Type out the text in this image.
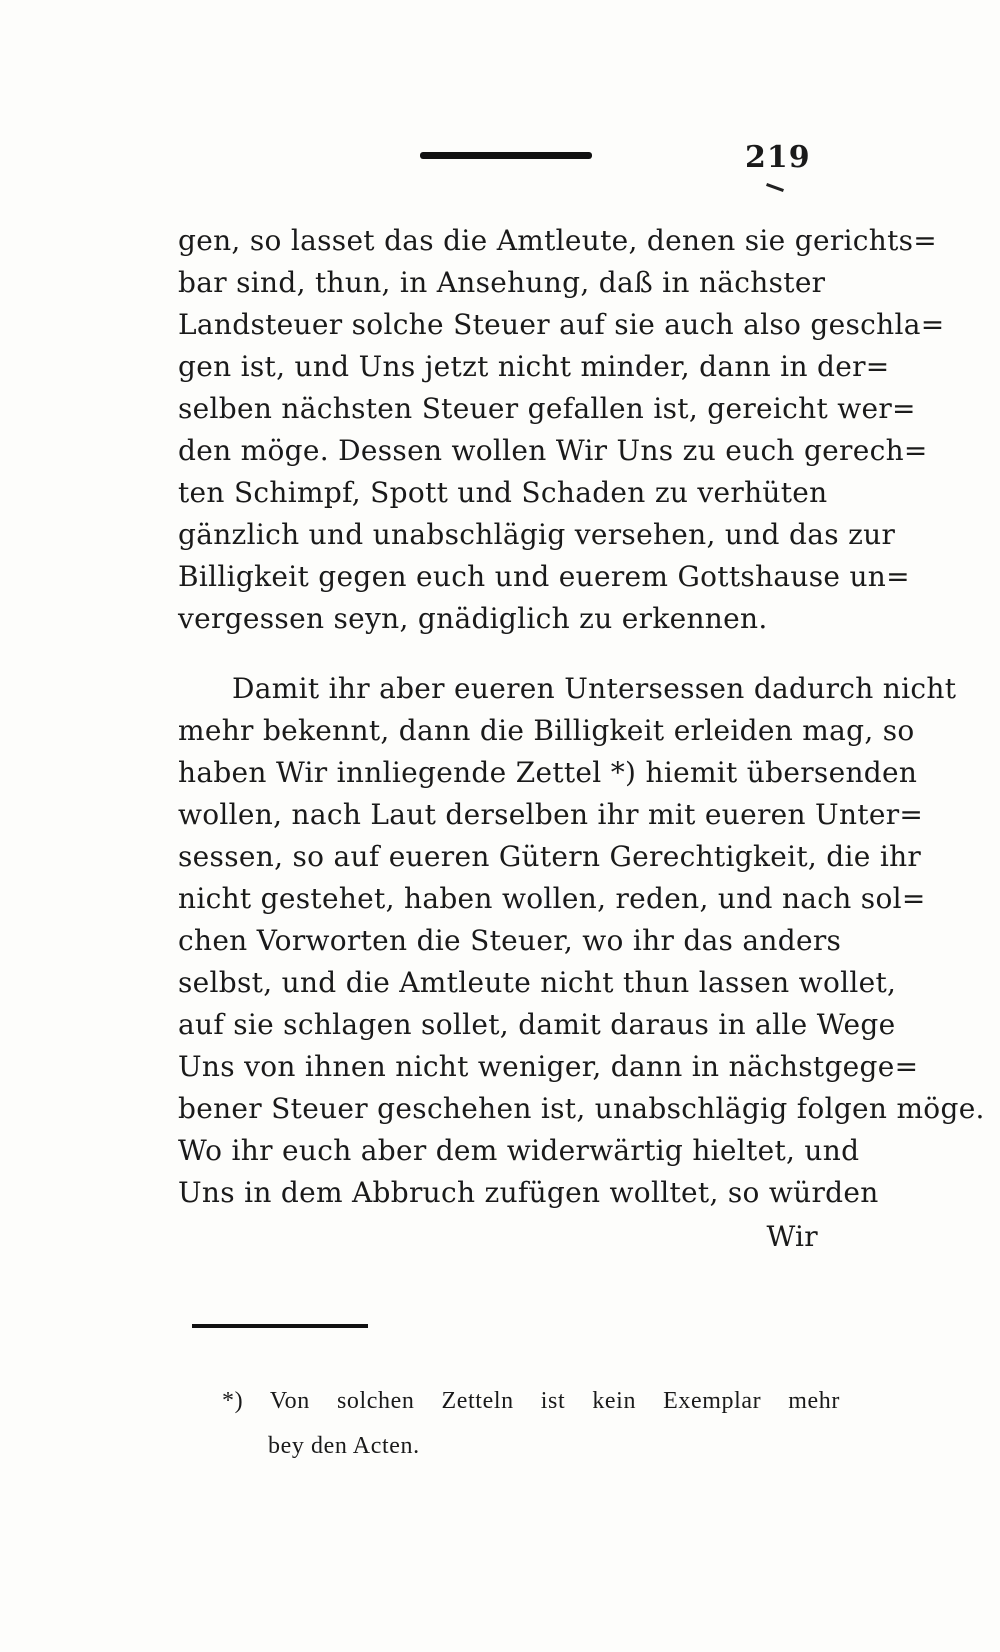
219
gen, so lasset das die Amtleute, denen sie gerichts=
bar sind, thun, in Ansehung, daß in nächster
Landsteuer solche Steuer auf sie auch also geschla=
gen ist, und Uns jetzt nicht minder, dann in der=
selben nächsten Steuer gefallen ist, gereicht wer=
den möge. Dessen wollen Wir Uns zu euch gerech=
ten Schimpf, Spott und Schaden zu verhüten
gänzlich und unabschlägig versehen, und das zur
Billigkeit gegen euch und euerem Gottshause un=
vergessen seyn, gnädiglich zu erkennen.
Damit ihr aber eueren Untersessen dadurch nicht
mehr bekennt, dann die Billigkeit erleiden mag, so
haben Wir innliegende Zettel *) hiemit übersenden
wollen, nach Laut derselben ihr mit eueren Unter=
sessen, so auf eueren Gütern Gerechtigkeit, die ihr
nicht gestehet, haben wollen, reden, und nach sol=
chen Vorworten die Steuer, wo ihr das anders
selbst, und die Amtleute nicht thun lassen wollet,
auf sie schlagen sollet, damit daraus in alle Wege
Uns von ihnen nicht weniger, dann in nächstgege=
bener Steuer geschehen ist, unabschlägig folgen möge.
Wo ihr euch aber dem widerwärtig hieltet, und
Uns in dem Abbruch zufügen wolltet, so würden
Wir
*) Von solchen Zetteln ist kein Exemplar mehr
bey den Acten.
